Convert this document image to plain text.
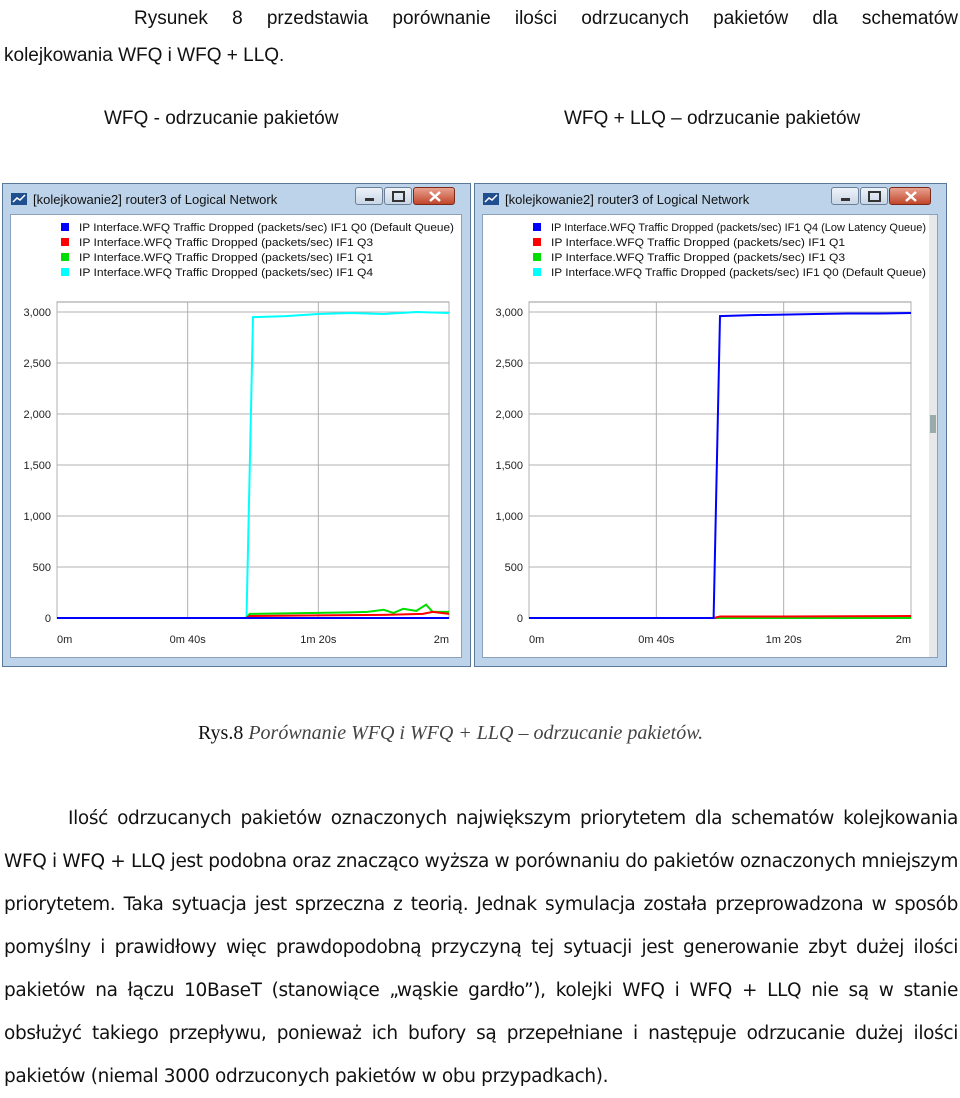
Rysunek 8 przedstawia porównanie ilości odrzucanych pakietów dla schematów
kolejkowania WFQ i WFQ + LLQ.
WFQ - odrzucanie pakietów	WFQ + LLQ – odrzucanie pakietów
[kolejkowanie2] router3 of Logical Network
3,000
2,500
2,000
1,500
1,000
500
0
0m	0m 40s	1m 20s	2m
IP Interface.WFQ Traffic Dropped (packets/sec) IF1 Q0 (Default Queue)
IP Interface.WFQ Traffic Dropped (packets/sec) IF1 Q3
IP Interface.WFQ Traffic Dropped (packets/sec) IF1 Q1
IP Interface.WFQ Traffic Dropped (packets/sec) IF1 Q4
[kolejkowanie2] router3 of Logical Network
3,000
2,500
2,000
1,500
1,000
500
0
0m	0m 40s	1m 20s	2m
IP Interface.WFQ Traffic Dropped (packets/sec) IF1 Q4 (Low Latency Queue)
IP Interface.WFQ Traffic Dropped (packets/sec) IF1 Q1
IP Interface.WFQ Traffic Dropped (packets/sec) IF1 Q3
IP Interface.WFQ Traffic Dropped (packets/sec) IF1 Q0 (Default Queue)
Rys.8 Porównanie WFQ i WFQ + LLQ – odrzucanie pakietów.

Ilość odrzucanych pakietów oznaczonych największym priorytetem dla schematów kolejkowania WFQ i WFQ + LLQ jest podobna oraz znacząco wyższa w porównaniu do pakietów oznaczonych mniejszym priorytetem. Taka sytuacja jest sprzeczna z teorią. Jednak symulacja została przeprowadzona w sposób pomyślny i prawidłowy więc prawdopodobną przyczyną tej sytuacji jest generowanie zbyt dużej ilości pakietów na łączu 10BaseT (stanowiące „wąskie gardło”), kolejki WFQ i WFQ + LLQ nie są w stanie obsłużyć takiego przepływu, ponieważ ich bufory są przepełniane i następuje odrzucanie dużej ilości pakietów (niemal 3000 odrzuconych pakietów w obu przypadkach).
